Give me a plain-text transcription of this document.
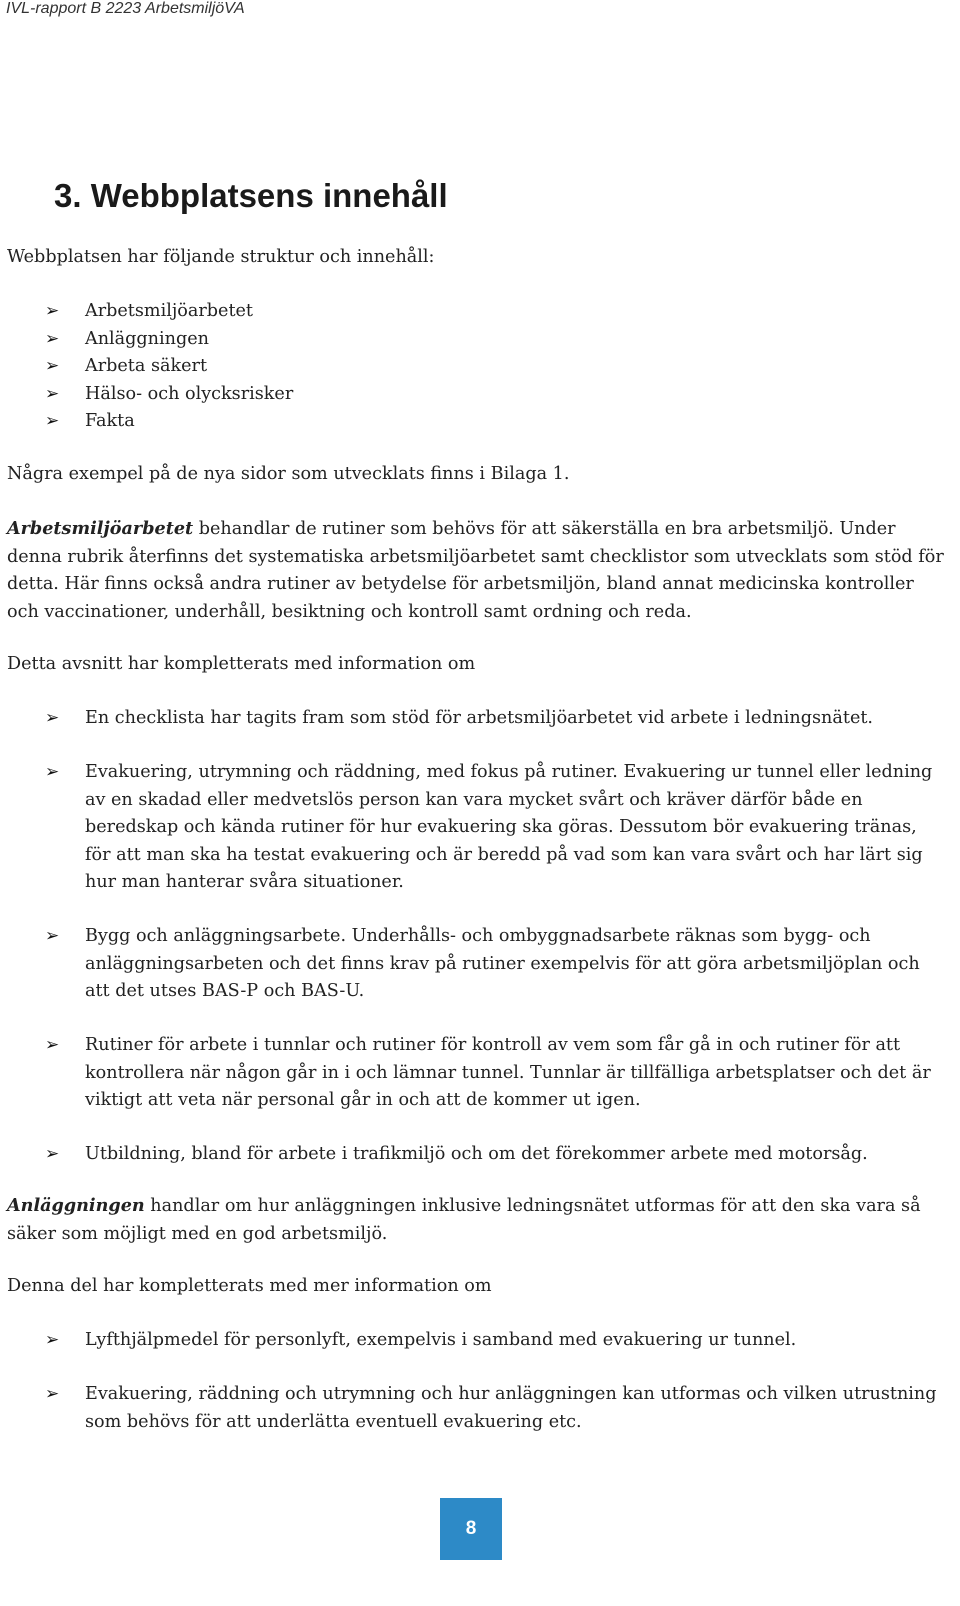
IVL-rapport B 2223 ArbetsmiljöVA
3. Webbplatsens innehåll

Webbplatsen har följande struktur och innehåll:

➢ Arbetsmiljöarbetet
➢ Anläggningen
➢ Arbeta säkert
➢ Hälso- och olycksrisker
➢ Fakta

Några exempel på de nya sidor som utvecklats finns i Bilaga 1.

Arbetsmiljöarbetet behandlar de rutiner som behövs för att säkerställa en bra arbetsmiljö. Under denna rubrik återfinns det systematiska arbetsmiljöarbetet samt checklistor som utvecklats som stöd för detta. Här finns också andra rutiner av betydelse för arbetsmiljön, bland annat medicinska kontroller och vaccinationer, underhåll, besiktning och kontroll samt ordning och reda.

Detta avsnitt har kompletterats med information om

➢ En checklista har tagits fram som stöd för arbetsmiljöarbetet vid arbete i ledningsnätet.
➢ Evakuering, utrymning och räddning, med fokus på rutiner. Evakuering ur tunnel eller ledning av en skadad eller medvetslös person kan vara mycket svårt och kräver därför både en beredskap och kända rutiner för hur evakuering ska göras. Dessutom bör evakuering tränas, för att man ska ha testat evakuering och är beredd på vad som kan vara svårt och har lärt sig hur man hanterar svåra situationer.
➢ Bygg och anläggningsarbete. Underhålls- och ombyggnadsarbete räknas som bygg- och anläggningsarbeten och det finns krav på rutiner exempelvis för att göra arbetsmiljöplan och att det utses BAS-P och BAS-U.
➢ Rutiner för arbete i tunnlar och rutiner för kontroll av vem som får gå in och rutiner för att kontrollera när någon går in i och lämnar tunnel. Tunnlar är tillfälliga arbetsplatser och det är viktigt att veta när personal går in och att de kommer ut igen.
➢ Utbildning, bland för arbete i trafikmiljö och om det förekommer arbete med motorsåg.

Anläggningen handlar om hur anläggningen inklusive ledningsnätet utformas för att den ska vara så säker som möjligt med en god arbetsmiljö.

Denna del har kompletterats med mer information om

➢ Lyfthjälpmedel för personlyft, exempelvis i samband med evakuering ur tunnel.
➢ Evakuering, räddning och utrymning och hur anläggningen kan utformas och vilken utrustning som behövs för att underlätta eventuell evakuering etc.
8
